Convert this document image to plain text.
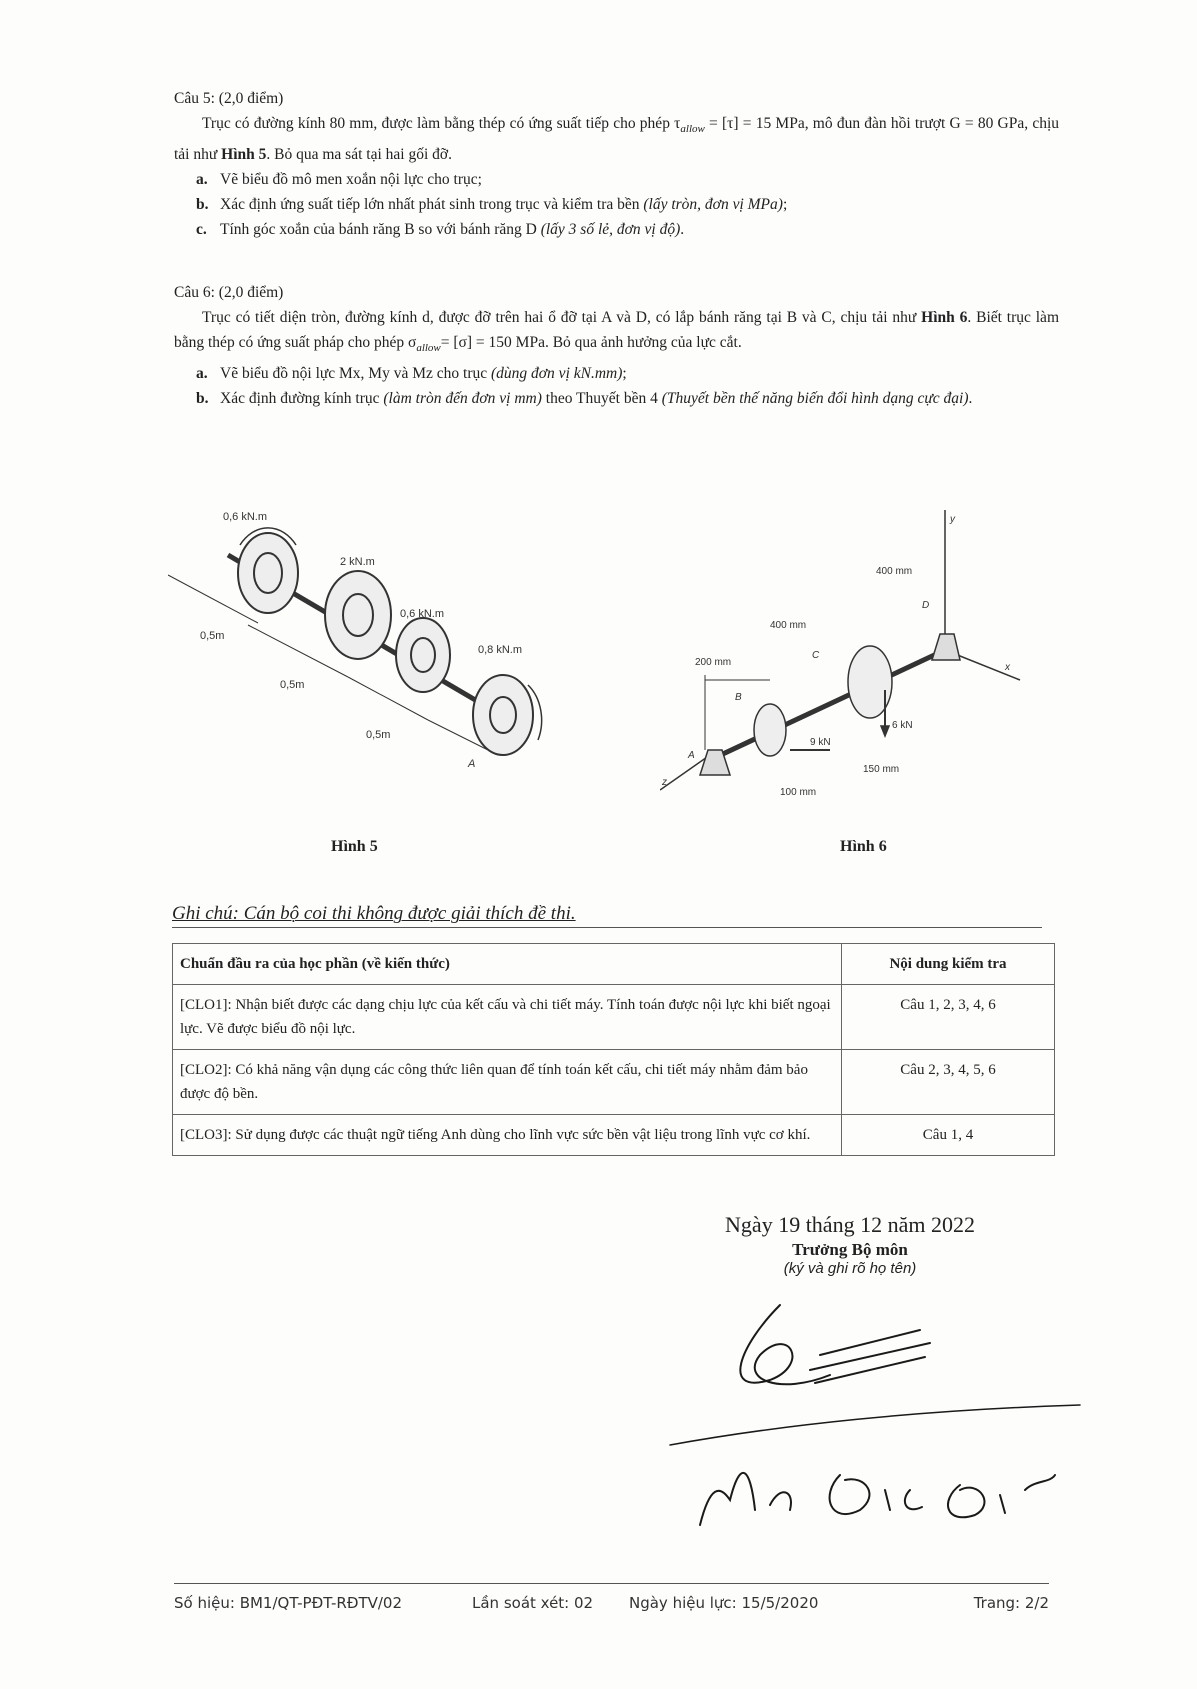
Câu 5: (2,0 điểm)

Trục có đường kính 80 mm, được làm bằng thép có ứng suất tiếp cho phép $\tau_{allow} = [\tau] = 15$ MPa, mô đun đàn hồi trượt G = 80 GPa, chịu tải như Hình 5. Bỏ qua ma sát tại hai gối đỡ.

a. Vẽ biểu đồ mô men xoắn nội lực cho trục;
b. Xác định ứng suất tiếp lớn nhất phát sinh trong trục và kiểm tra bền (lấy tròn, đơn vị MPa);
c. Tính góc xoắn của bánh răng B so với bánh răng D (lấy 3 số lẻ, đơn vị độ).
Câu 6: (2,0 điểm)

Trục có tiết diện tròn, đường kính d, được đỡ trên hai ổ đỡ tại A và D, có lắp bánh răng tại B và C, chịu tải như Hình 6. Biết trục làm bằng thép có ứng suất pháp cho phép $\sigma_{allow}= [\sigma] = 150$ MPa. Bỏ qua ảnh hưởng của lực cắt.

a. Vẽ biểu đồ nội lực Mx, My và Mz cho trục (dùng đơn vị kN.mm);
b. Xác định đường kính trục (làm tròn đến đơn vị mm) theo Thuyết bền 4 (Thuyết bền thế năng biến đổi hình dạng cực đại).
0,6 kN.m
2 kN.m
0,6 kN.m
0,8 kN.m
0,5m
0,5m
0,5m
A
Hình 5
y
x
z
400 mm
400 mm
200 mm
100 mm
150 mm
9 kN
6 kN
A
B
C
D
Hình 6
Ghi chú: Cán bộ coi thi không được giải thích đề thi.
Chuẩn đầu ra của học phần (về kiến thức)	Nội dung kiểm tra
[CLO1]: Nhận biết được các dạng chịu lực của kết cấu và chi tiết máy. Tính toán được nội lực khi biết ngoại lực. Vẽ được biểu đồ nội lực.	Câu 1, 2, 3, 4, 6
[CLO2]: Có khả năng vận dụng các công thức liên quan để tính toán kết cấu, chi tiết máy nhằm đảm bảo được độ bền.	Câu 2, 3, 4, 5, 6
[CLO3]: Sử dụng được các thuật ngữ tiếng Anh dùng cho lĩnh vực sức bền vật liệu trong lĩnh vực cơ khí.	Câu 1, 4
Ngày 19 tháng 12 năm 2022
Trưởng Bộ môn
(ký và ghi rõ họ tên)
Mai Đức Đãi
Số hiệu: BM1/QT-PĐT-RĐTV/02	Lần soát xét: 02 Ngày hiệu lực: 15/5/2020	Trang: 2/2
